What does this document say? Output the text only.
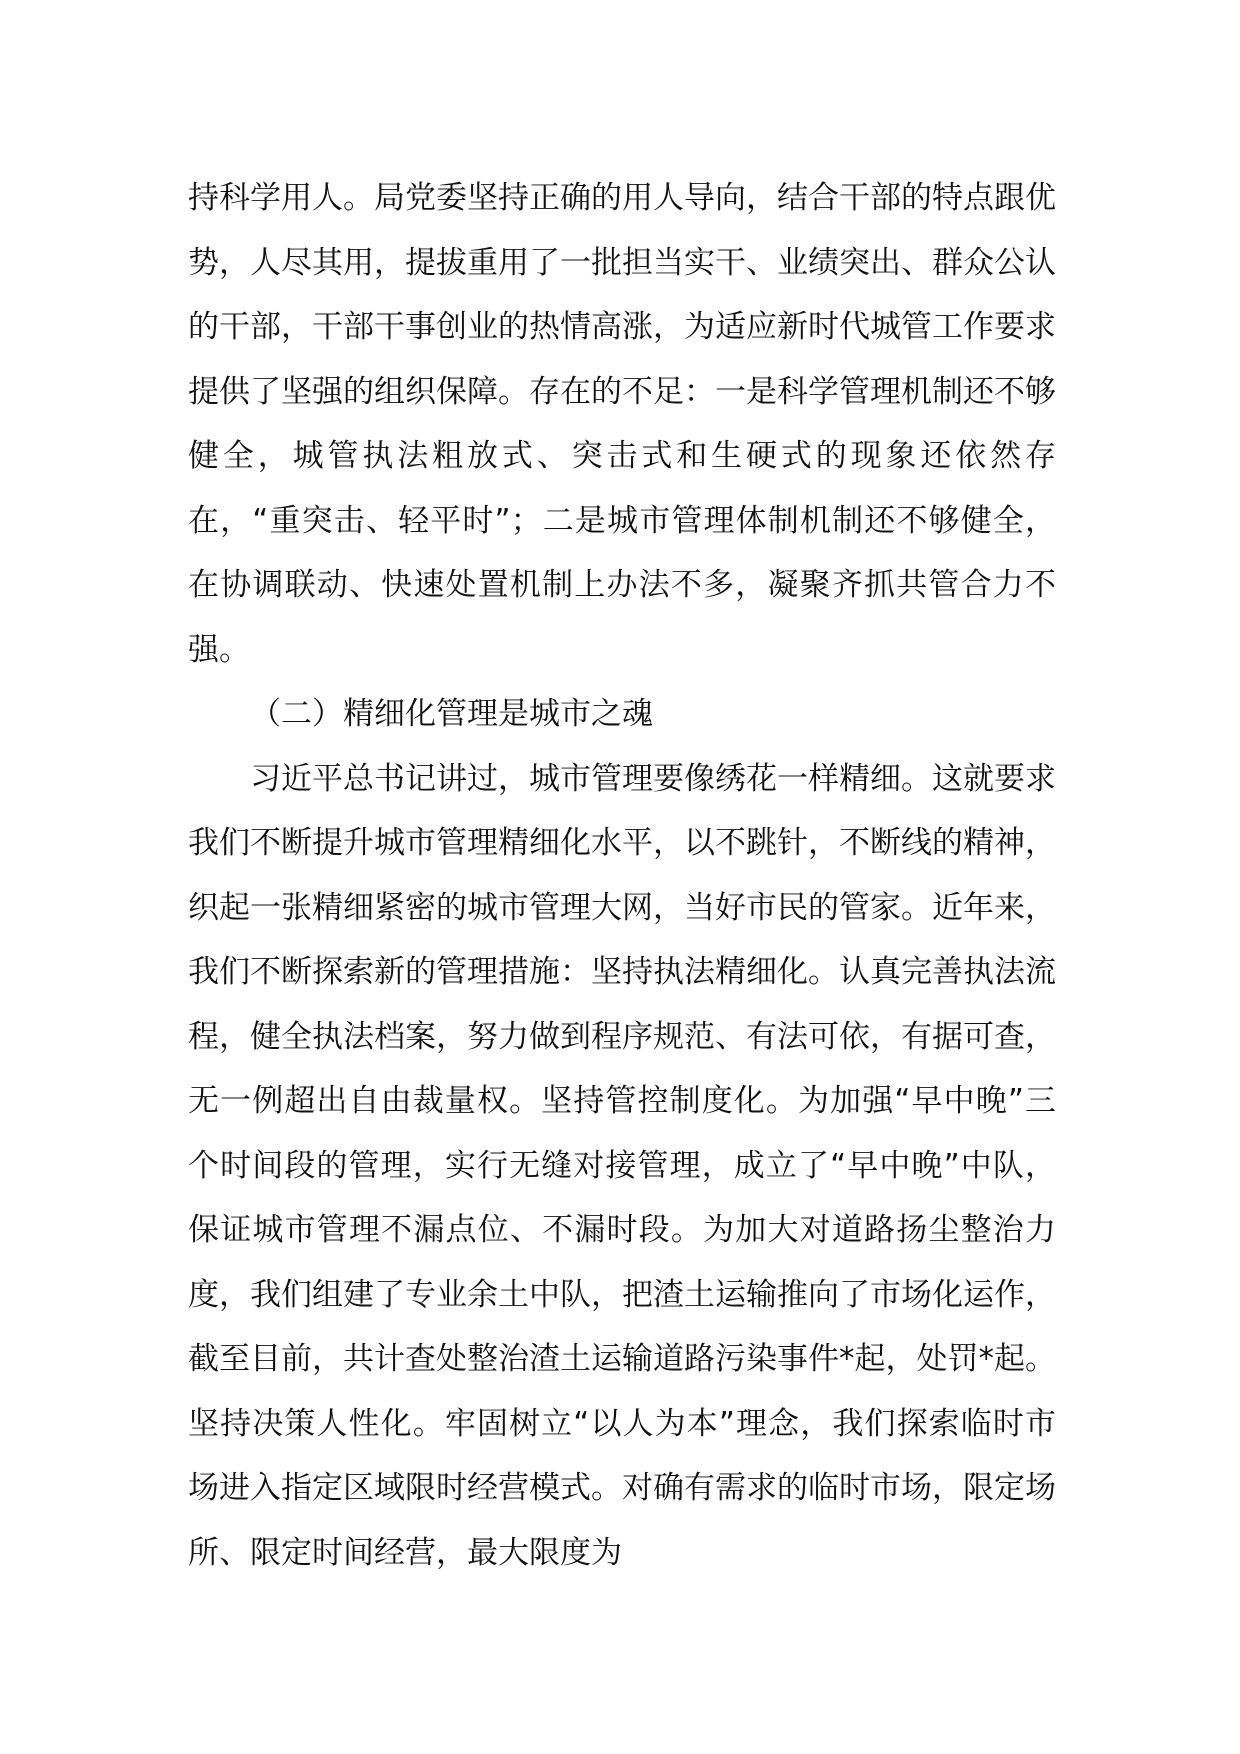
持科学用人。局党委坚持正确的用人导向，结合干部的特点跟优势，人尽其用，提拔重用了一批担当实干、业绩突出、群众公认的干部，干部干事创业的热情高涨，为适应新时代城管工作要求提供了坚强的组织保障。存在的不足：一是科学管理机制还不够健全，城管执法粗放式、突击式和生硬式的现象还依然存在，“重突击、轻平时”；二是城市管理体制机制还不够健全，在协调联动、快速处置机制上办法不多，凝聚齐抓共管合力不强。

（二）精细化管理是城市之魂

习近平总书记讲过，城市管理要像绣花一样精细。这就要求我们不断提升城市管理精细化水平，以不跳针，不断线的精神，织起一张精细紧密的城市管理大网，当好市民的管家。近年来，我们不断探索新的管理措施：坚持执法精细化。认真完善执法流程，健全执法档案，努力做到程序规范、有法可依，有据可查，无一例超出自由裁量权。坚持管控制度化。为加强“早中晚”三个时间段的管理，实行无缝对接管理，成立了“早中晚”中队，保证城市管理不漏点位、不漏时段。为加大对道路扬尘整治力度，我们组建了专业余土中队，把渣土运输推向了市场化运作，截至目前，共计查处整治渣土运输道路污染事件*起，处罚*起。坚持决策人性化。牢固树立“以人为本”理念，我们探索临时市场进入指定区域限时经营模式。对确有需求的临时市场，限定场所、限定时间经营，最大限度为
